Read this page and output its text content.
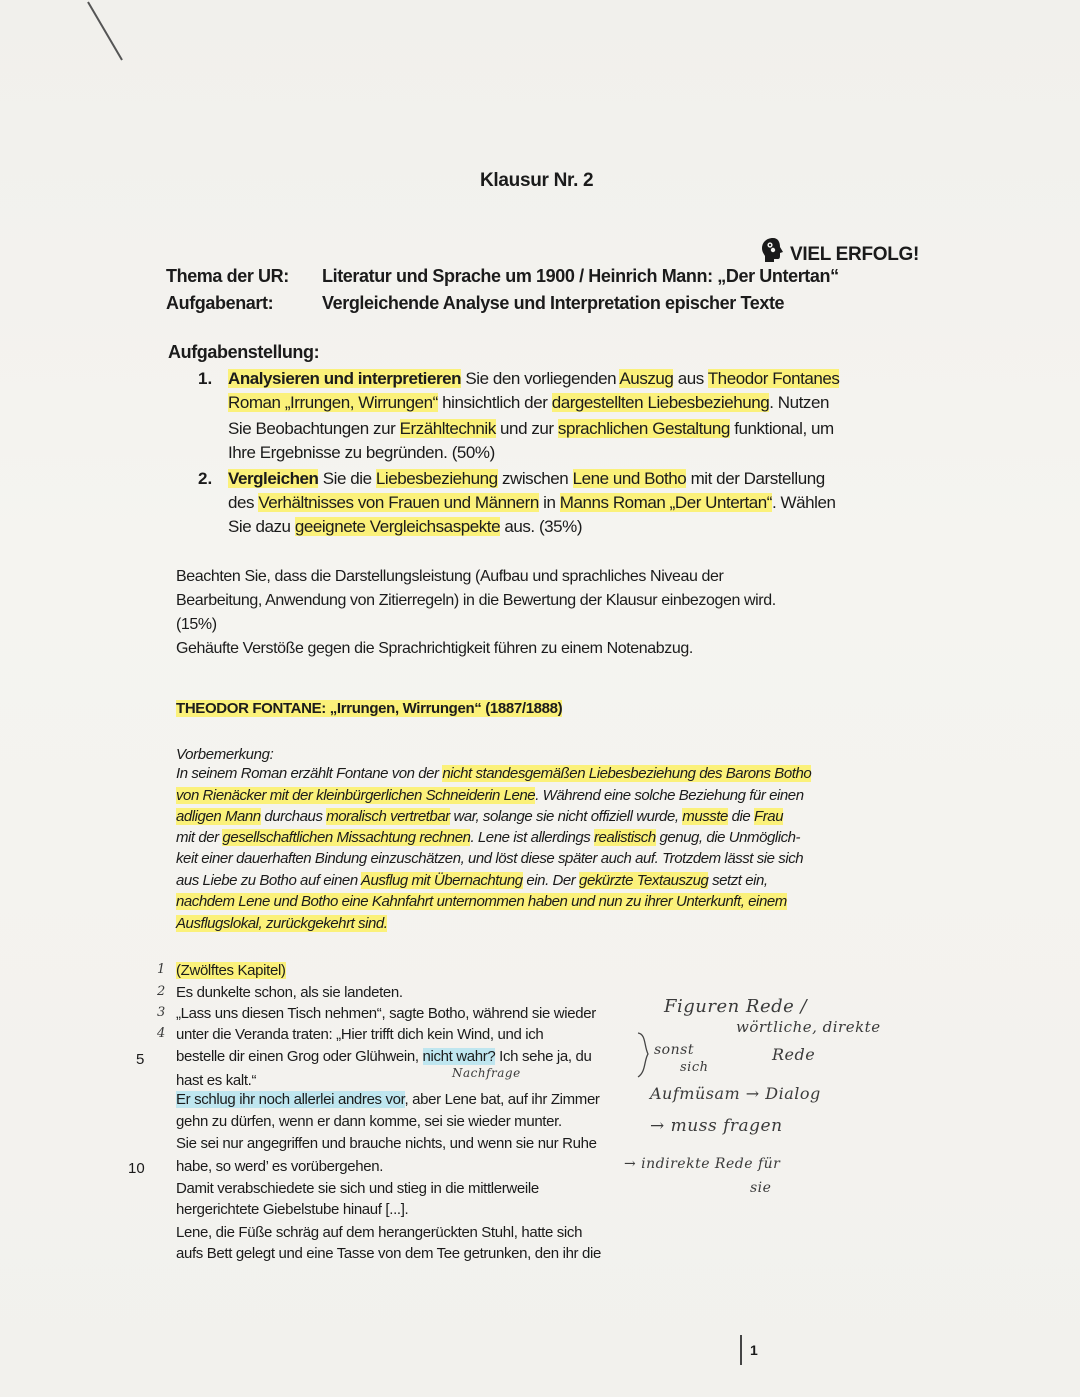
Klausur Nr. 2
VIEL ERFOLG!
Thema der UR: Literatur und Sprache um 1900 / Heinrich Mann: „Der Untertan“
Aufgabenart:	Vergleichende Analyse und Interpretation epischer Texte
Aufgabenstellung:
1. Analysieren und interpretieren Sie den vorliegenden Auszug aus Theodor Fontanes
Roman „Irrungen, Wirrungen“ hinsichtlich der dargestellten Liebesbeziehung. Nutzen
Sie Beobachtungen zur Erzähltechnik und zur sprachlichen Gestaltung funktional, um
Ihre Ergebnisse zu begründen. (50%)
2. Vergleichen Sie die Liebesbeziehung zwischen Lene und Botho mit der Darstellung
des Verhältnisses von Frauen und Männern in Manns Roman „Der Untertan“. Wählen
Sie dazu geeignete Vergleichsaspekte aus. (35%)
Beachten Sie, dass die Darstellungsleistung (Aufbau und sprachliches Niveau der
Bearbeitung, Anwendung von Zitierregeln) in die Bewertung der Klausur einbezogen wird.
(15%)
Gehäufte Verstöße gegen die Sprachrichtigkeit führen zu einem Notenabzug.
THEODOR FONTANE: „Irrungen, Wirrungen“ (1887/1888)
Vorbemerkung:
In seinem Roman erzählt Fontane von der nicht standesgemäßen Liebesbeziehung des Barons Botho
von Rienäcker mit der kleinbürgerlichen Schneiderin Lene. Während eine solche Beziehung für einen
adligen Mann durchaus moralisch vertretbar war, solange sie nicht offiziell wurde, musste die Frau
mit der gesellschaftlichen Missachtung rechnen. Lene ist allerdings realistisch genug, die Unmöglich-
keit einer dauerhaften Bindung einzuschätzen, und löst diese später auch auf. Trotzdem lässt sie sich
aus Liebe zu Botho auf einen Ausflug mit Übernachtung ein. Der gekürzte Textauszug setzt ein,
nachdem Lene und Botho eine Kahnfahrt unternommen haben und nun zu ihrer Unterkunft, einem
Ausflugslokal, zurückgekehrt sind.
(Zwölftes Kapitel)
Es dunkelte schon, als sie landeten.
„Lass uns diesen Tisch nehmen“, sagte Botho, während sie wieder
unter die Veranda traten: „Hier trifft dich kein Wind, und ich
bestelle dir einen Grog oder Glühwein, nicht wahr? Ich sehe ja, du
hast es kalt.“
Er schlug ihr noch allerlei andres vor, aber Lene bat, auf ihr Zimmer
gehn zu dürfen, wenn er dann komme, sei sie wieder munter.
Sie sei nur angegriffen und brauche nichts, und wenn sie nur Ruhe
habe, so werd’ es vorübergehen.
Damit verabschiedete sie sich und stieg in die mittlerweile
hergerichtete Giebelstube hinauf [...].
Lene, die Füße schräg auf dem herangerückten Stuhl, hatte sich
aufs Bett gelegt und eine Tasse von dem Tee getrunken, den ihr die
5
10
1
2
3
4
Figuren Rede /
wörtliche, direkte
Rede
sonst
sich
Nachfrage
Aufmüsam → Dialog
→ muss fragen
→ indirekte Rede für
sie
1
